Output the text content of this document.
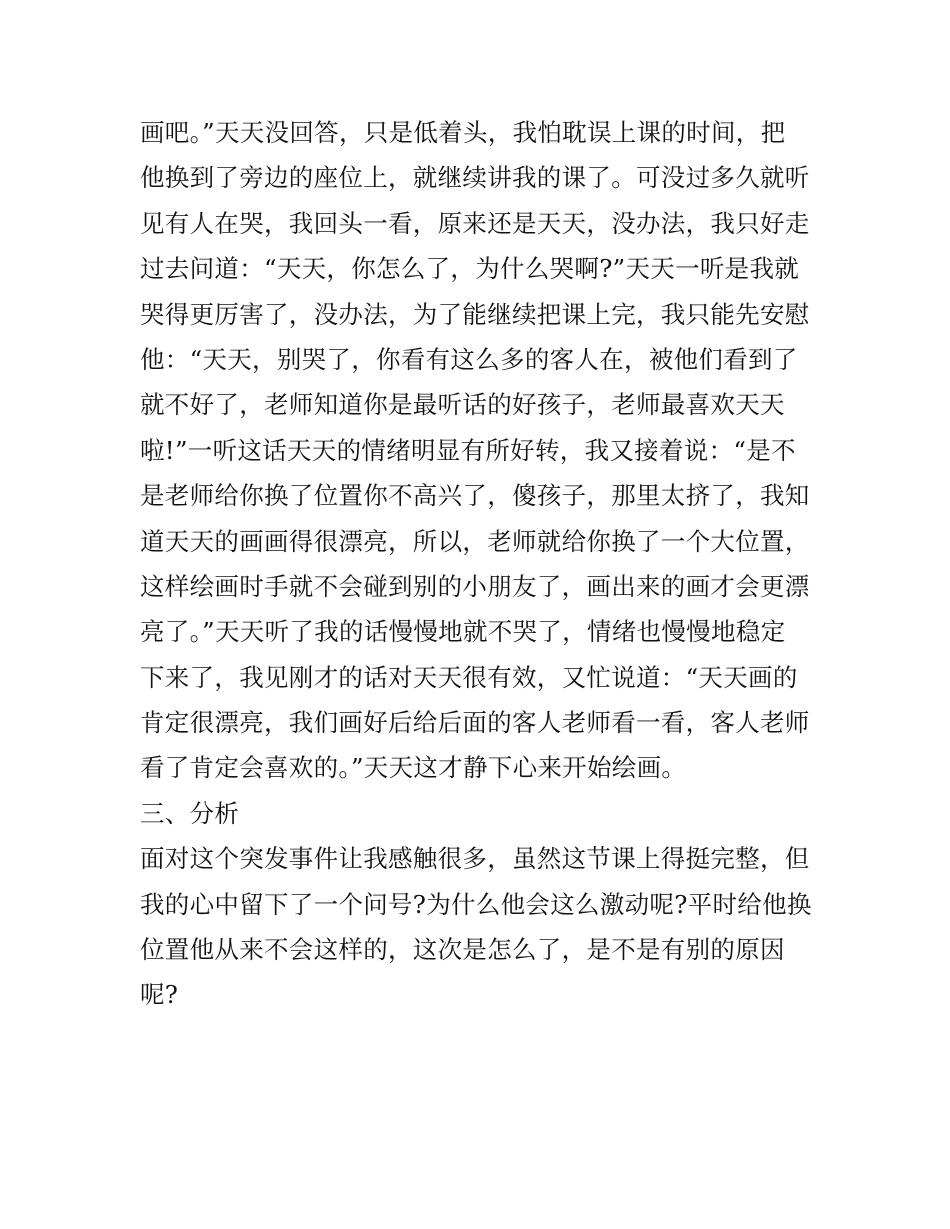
画吧。”天天没回答，只是低着头，我怕耽误上课的时间，把
他换到了旁边的座位上，就继续讲我的课了。可没过多久就听
见有人在哭，我回头一看，原来还是天天，没办法，我只好走
过去问道：“天天，你怎么了，为什么哭啊?”天天一听是我就
哭得更厉害了，没办法，为了能继续把课上完，我只能先安慰
他：“天天，别哭了，你看有这么多的客人在，被他们看到了
就不好了，老师知道你是最听话的好孩子，老师最喜欢天天
啦!”一听这话天天的情绪明显有所好转，我又接着说：“是不
是老师给你换了位置你不高兴了，傻孩子，那里太挤了，我知
道天天的画画得很漂亮，所以，老师就给你换了一个大位置，
这样绘画时手就不会碰到别的小朋友了，画出来的画才会更漂
亮了。”天天听了我的话慢慢地就不哭了，情绪也慢慢地稳定
下来了，我见刚才的话对天天很有效，又忙说道：“天天画的
肯定很漂亮，我们画好后给后面的客人老师看一看，客人老师
看了肯定会喜欢的。”天天这才静下心来开始绘画。
三、分析
面对这个突发事件让我感触很多，虽然这节课上得挺完整，但
我的心中留下了一个问号?为什么他会这么激动呢?平时给他换
位置他从来不会这样的，这次是怎么了，是不是有别的原因
呢?
